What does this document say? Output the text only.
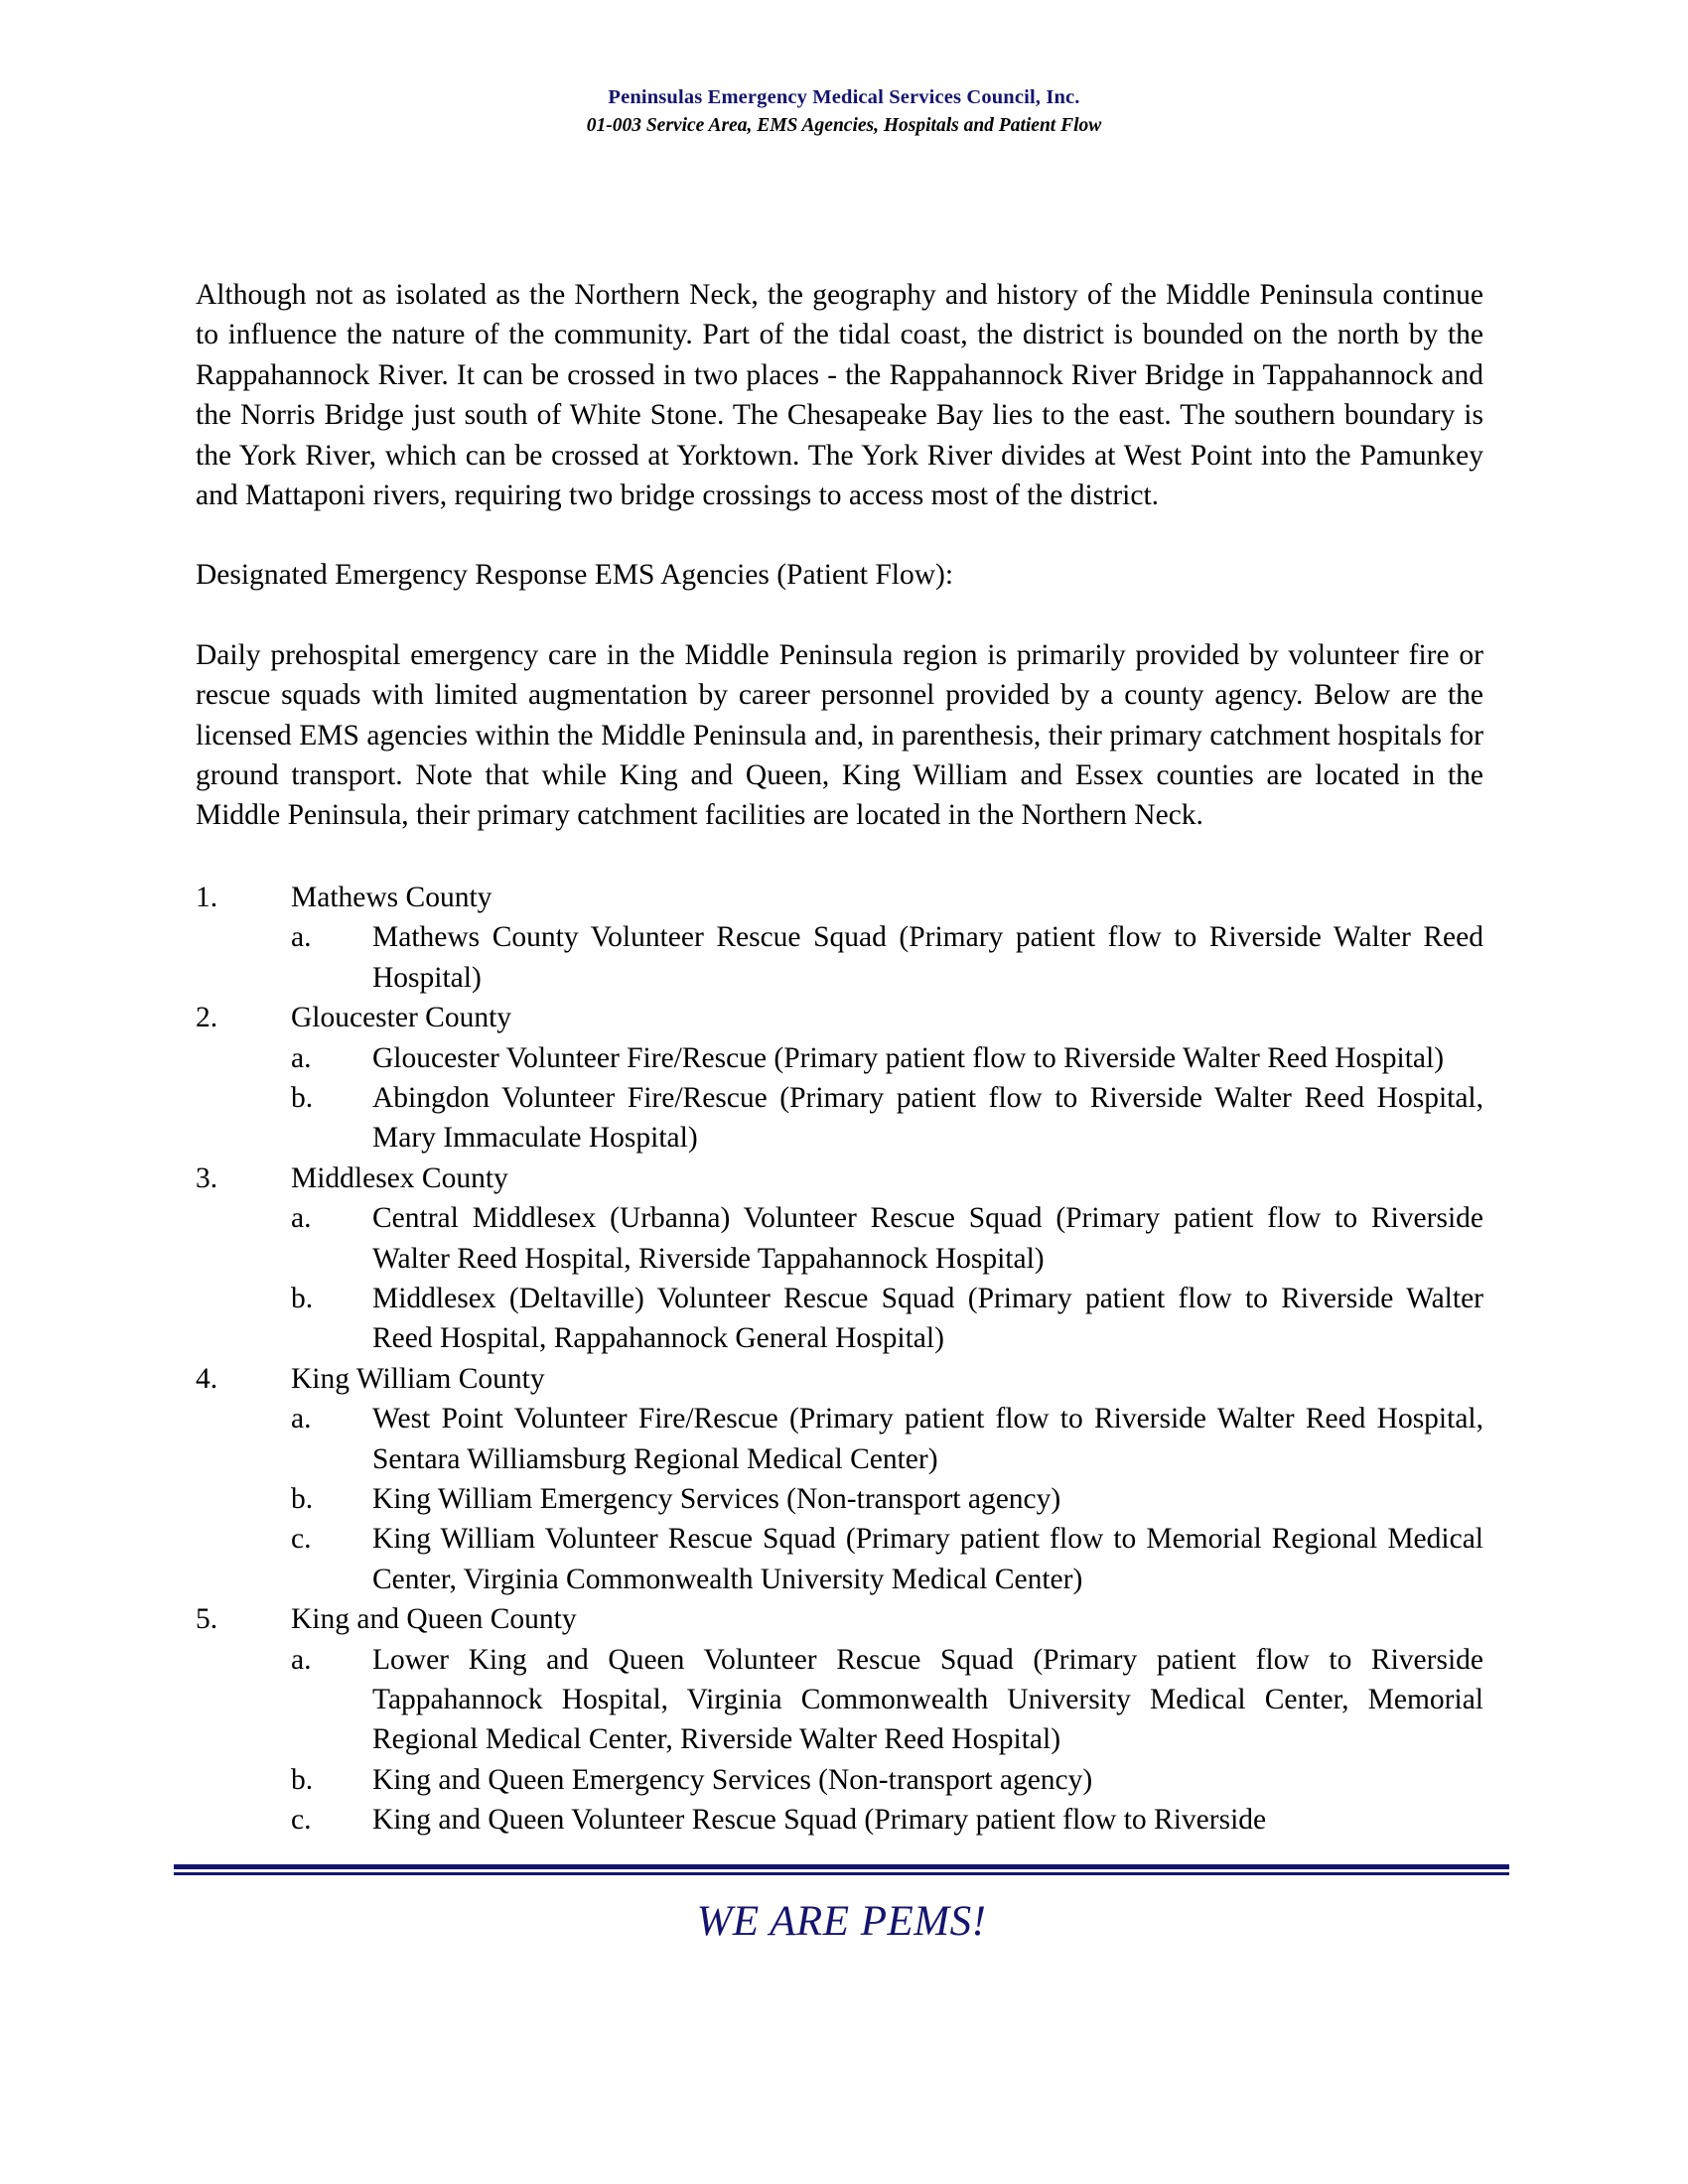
Peninsulas Emergency Medical Services Council, Inc.
01-003 Service Area, EMS Agencies, Hospitals and Patient Flow

Although not as isolated as the Northern Neck, the geography and history of the Middle Peninsula continue to influence the nature of the community. Part of the tidal coast, the district is bounded on the north by the Rappahannock River. It can be crossed in two places - the Rappahannock River Bridge in Tappahannock and the Norris Bridge just south of White Stone. The Chesapeake Bay lies to the east. The southern boundary is the York River, which can be crossed at Yorktown. The York River divides at West Point into the Pamunkey and Mattaponi rivers, requiring two bridge crossings to access most of the district.

Designated Emergency Response EMS Agencies (Patient Flow):

Daily prehospital emergency care in the Middle Peninsula region is primarily provided by volunteer fire or rescue squads with limited augmentation by career personnel provided by a county agency. Below are the licensed EMS agencies within the Middle Peninsula and, in parenthesis, their primary catchment hospitals for ground transport. Note that while King and Queen, King William and Essex counties are located in the Middle Peninsula, their primary catchment facilities are located in the Northern Neck.

1.	Mathews County
a.	Mathews County Volunteer Rescue Squad (Primary patient flow to Riverside Walter Reed Hospital)
2.	Gloucester County
a.	Gloucester Volunteer Fire/Rescue (Primary patient flow to Riverside Walter Reed Hospital)
b.	Abingdon Volunteer Fire/Rescue (Primary patient flow to Riverside Walter Reed Hospital, Mary Immaculate Hospital)
3.	Middlesex County
a.	Central Middlesex (Urbanna) Volunteer Rescue Squad (Primary patient flow to Riverside Walter Reed Hospital, Riverside Tappahannock Hospital)
b.	Middlesex (Deltaville) Volunteer Rescue Squad (Primary patient flow to Riverside Walter Reed Hospital, Rappahannock General Hospital)
4.	King William County
a.	West Point Volunteer Fire/Rescue (Primary patient flow to Riverside Walter Reed Hospital, Sentara Williamsburg Regional Medical Center)
b.	King William Emergency Services (Non-transport agency)
c.	King William Volunteer Rescue Squad (Primary patient flow to Memorial Regional Medical Center, Virginia Commonwealth University Medical Center)
5.	King and Queen County
a.	Lower King and Queen Volunteer Rescue Squad (Primary patient flow to Riverside Tappahannock Hospital, Virginia Commonwealth University Medical Center, Memorial Regional Medical Center, Riverside Walter Reed Hospital)
b.	King and Queen Emergency Services (Non-transport agency)
c.	King and Queen Volunteer Rescue Squad (Primary patient flow to Riverside
WE ARE PEMS!
